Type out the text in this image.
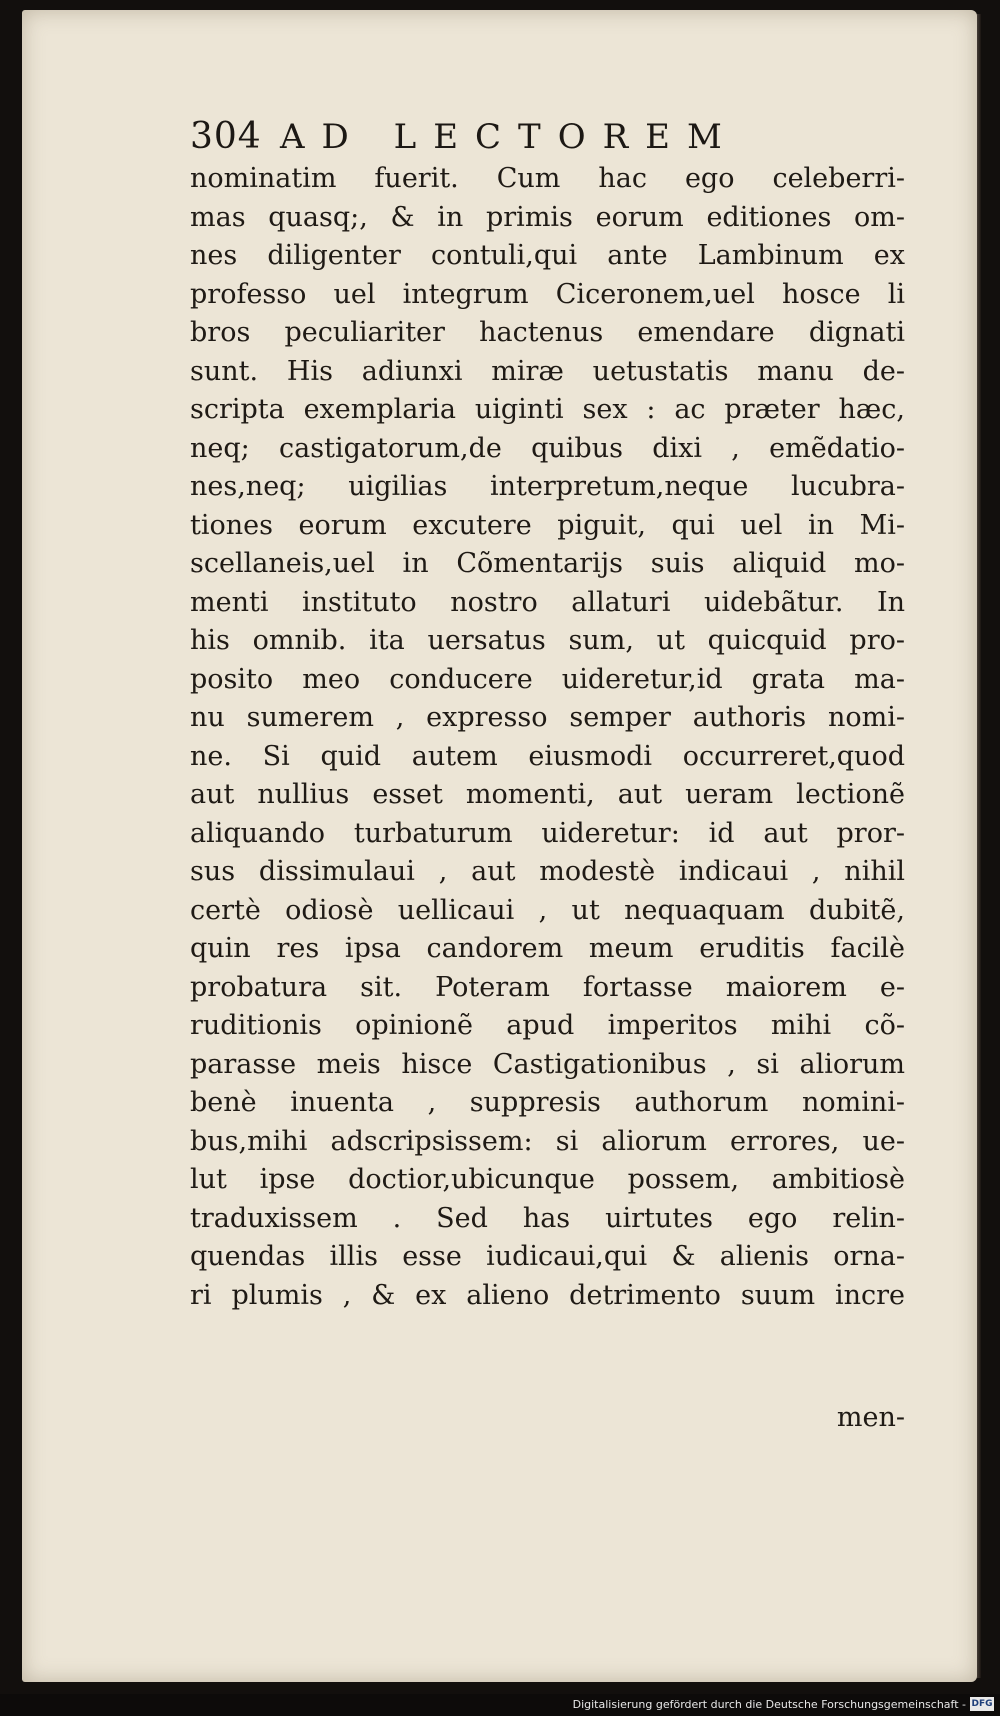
304 AD LECTOREM
nominatim fuerit. Cum hac ego celeberri-
mas quasq;, & in primis eorum editiones om-
nes diligenter contuli,qui ante Lambinum ex
professo uel integrum Ciceronem,uel hosce li
bros peculiariter hactenus emendare dignati
sunt. His adiunxi miræ uetustatis manu de-
scripta exemplaria uiginti sex : ac præter hæc,
neq; castigatorum,de quibus dixi , emẽdatio-
nes,neq; uigilias interpretum,neque lucubra-
tiones eorum excutere piguit, qui uel in Mi-
scellaneis,uel in Cõmentarijs suis aliquid mo-
menti instituto nostro allaturi uidebãtur. In
his omnib. ita uersatus sum, ut quicquid pro-
posito meo conducere uideretur,id grata ma-
nu sumerem , expresso semper authoris nomi-
ne. Si quid autem eiusmodi occurreret,quod
aut nullius esset momenti, aut ueram lectionẽ
aliquando turbaturum uideretur: id aut pror-
sus dissimulaui , aut modestè indicaui , nihil
certè odiosè uellicaui , ut nequaquam dubitẽ,
quin res ipsa candorem meum eruditis facilè
probatura sit. Poteram fortasse maiorem e-
ruditionis opinionẽ apud imperitos mihi cõ-
parasse meis hisce Castigationibus , si aliorum
benè inuenta , suppresis authorum nomini-
bus,mihi adscripsissem: si aliorum errores, ue-
lut ipse doctior,ubicunque possem, ambitiosè
traduxissem . Sed has uirtutes ego relin-
quendas illis esse iudicaui,qui & alienis orna-
ri plumis , & ex alieno detrimento suum incre
men-
Digitalisierung gefördert durch die Deutsche Forschungsgemeinschaft - DFG
